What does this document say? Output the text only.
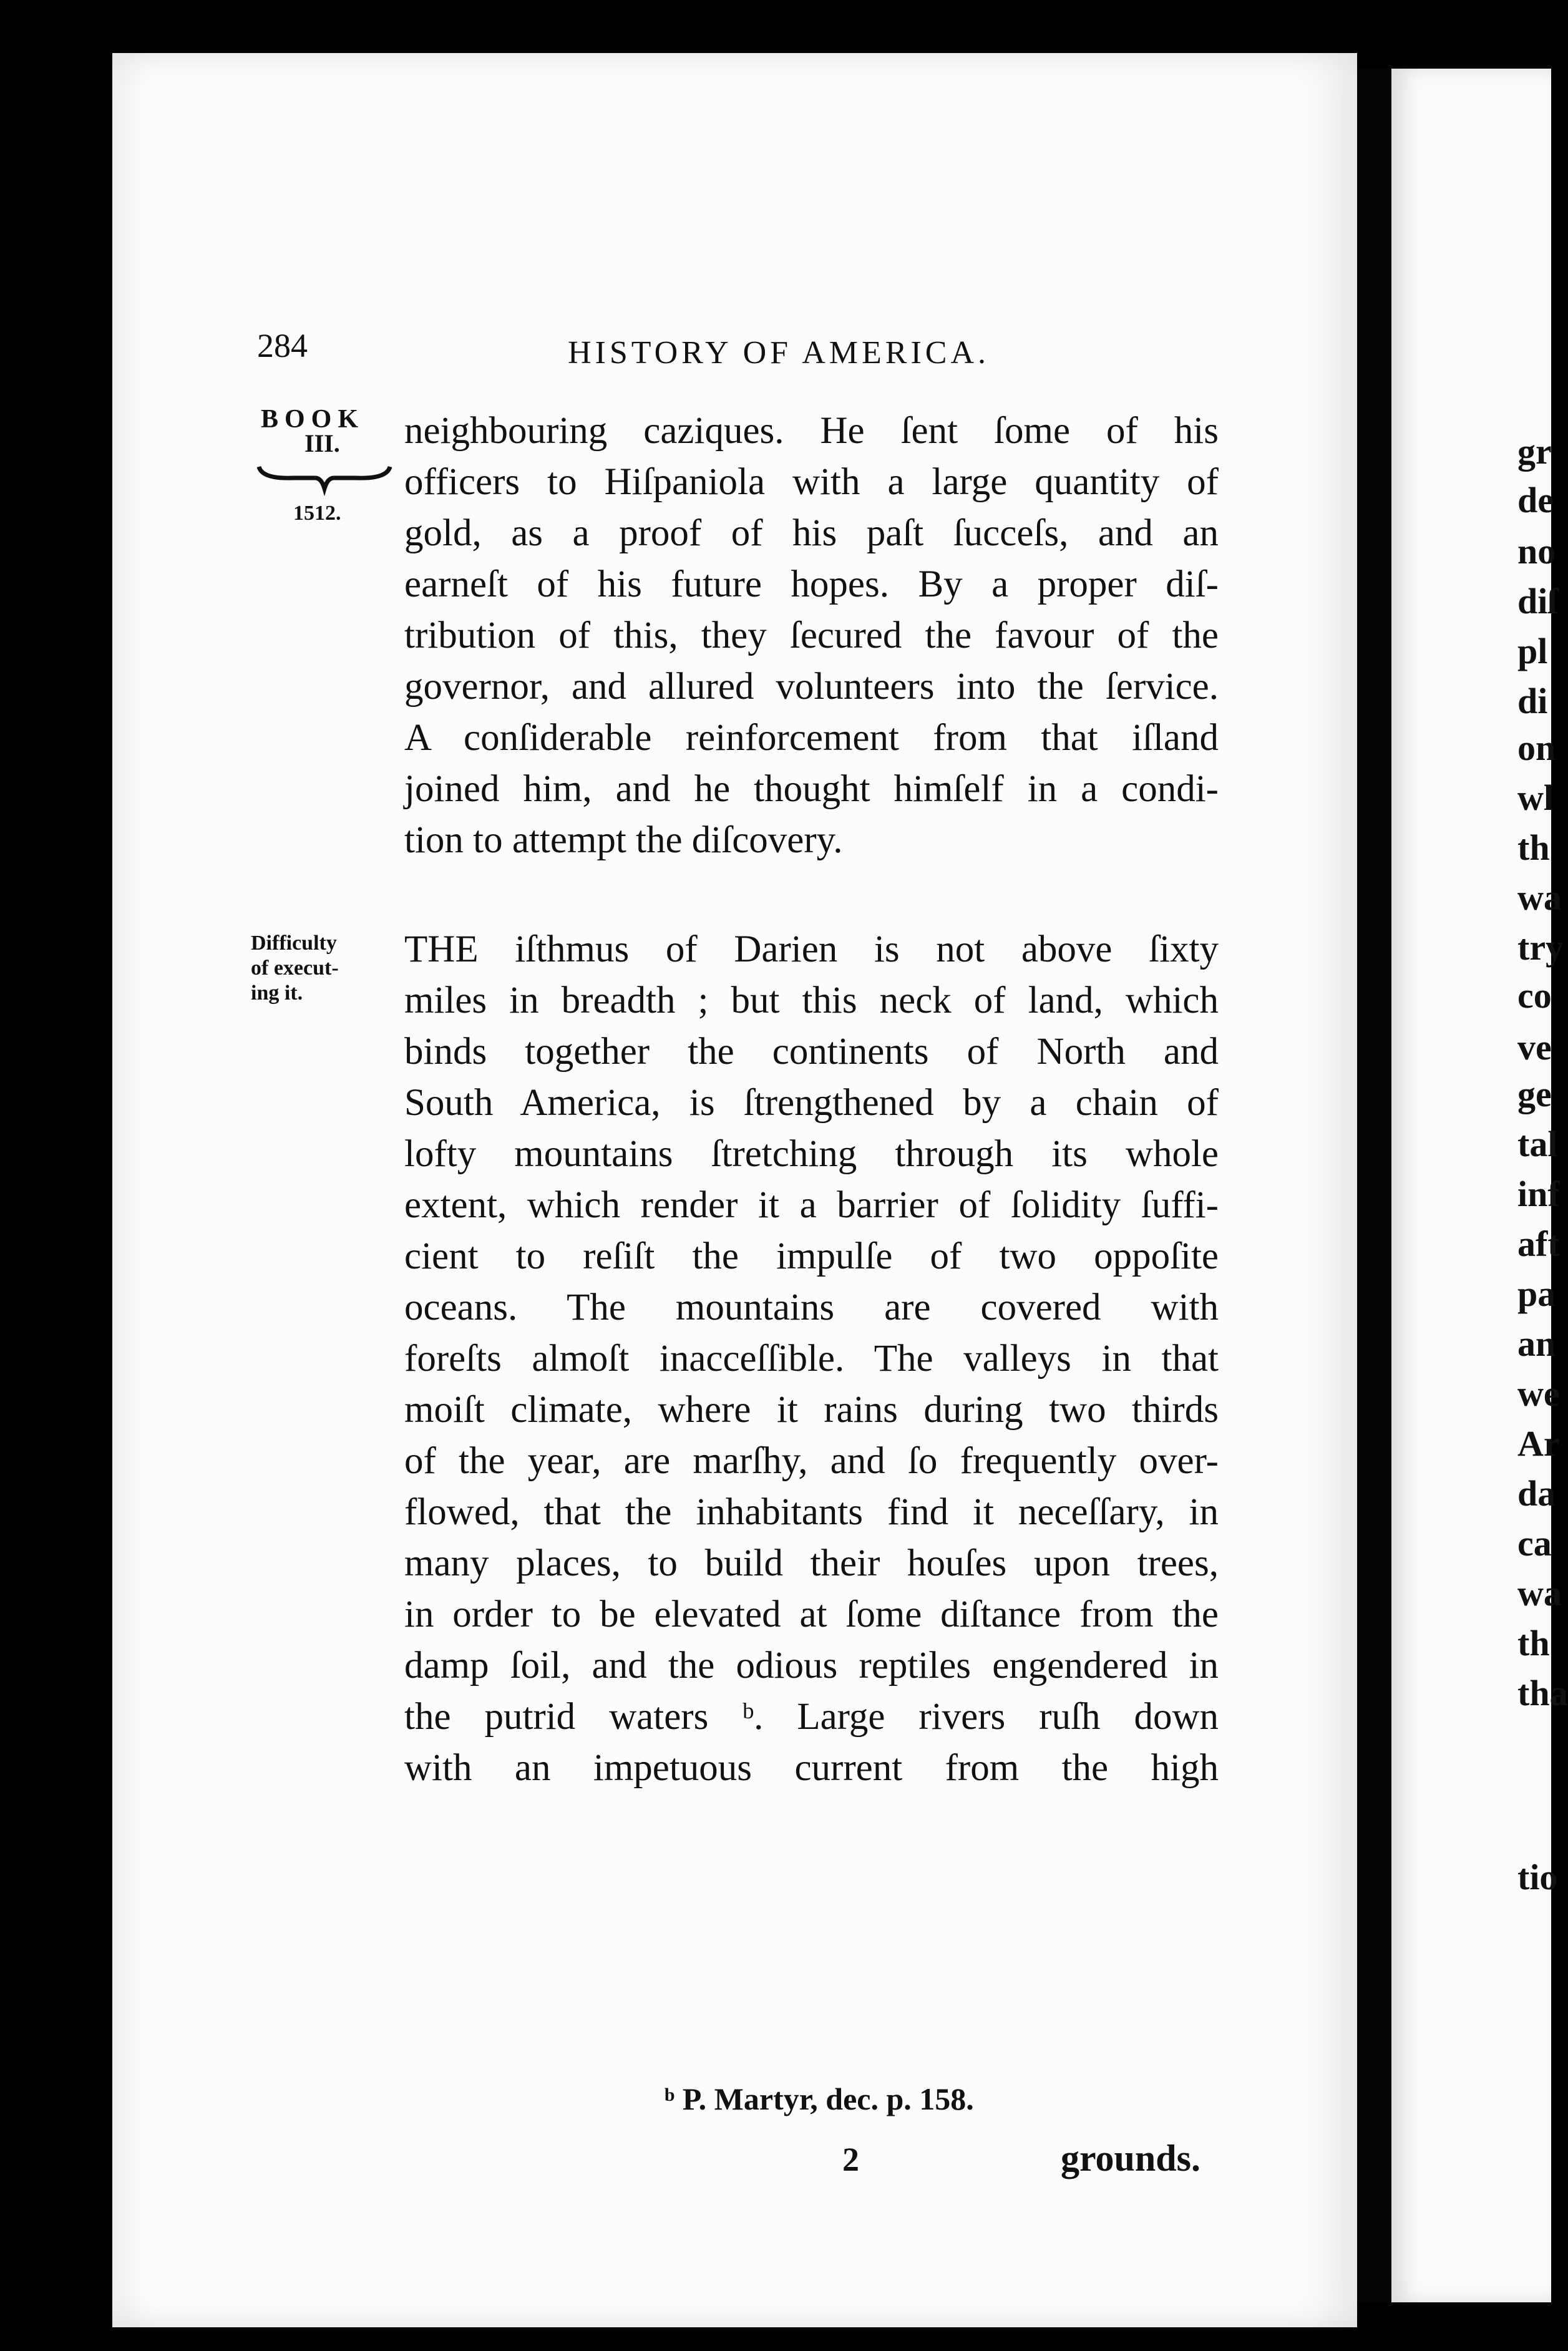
284	HISTORY OF AMERICA.
BOOK
III.
1512.
Difficulty
of execut-
ing it.
neighbouring caziques. He ſent ſome of his
officers to Hiſpaniola with a large quantity of
gold, as a proof of his paſt ſucceſs, and an
earneſt of his future hopes. By a proper diſ-
tribution of this, they ſecured the favour of the
governor, and allured volunteers into the ſervice.
A conſiderable reinforcement from that iſland
joined him, and he thought himſelf in a condi-
tion to attempt the diſcovery.
THE iſthmus of Darien is not above ſixty
miles in breadth ; but this neck of land, which
binds together the continents of North and
South America, is ſtrengthened by a chain of
lofty mountains ſtretching through its whole
extent, which render it a barrier of ſolidity ſuffi-
cient to reſiſt the impulſe of two oppoſite
oceans. The mountains are covered with
foreſts almoſt inacceſſible. The valleys in that
moiſt climate, where it rains during two thirds
of the year, are marſhy, and ſo frequently over-
flowed, that the inhabitants find it neceſſary, in
many places, to build their houſes upon trees,
in order to be elevated at ſome diſtance from the
damp ſoil, and the odious reptiles engendered in
the putrid waters ᵇ. Large rivers ruſh down
with an impetuous current from the high
ᵇ P. Martyr, dec. p. 158.
2	grounds.
gr
de
no
diſ
pl
di
on
wl
th
wa
try
co
ve
ge
tal
inf
aft
pa
an
we
Ar
da
ca
wa
th
tha
tio
